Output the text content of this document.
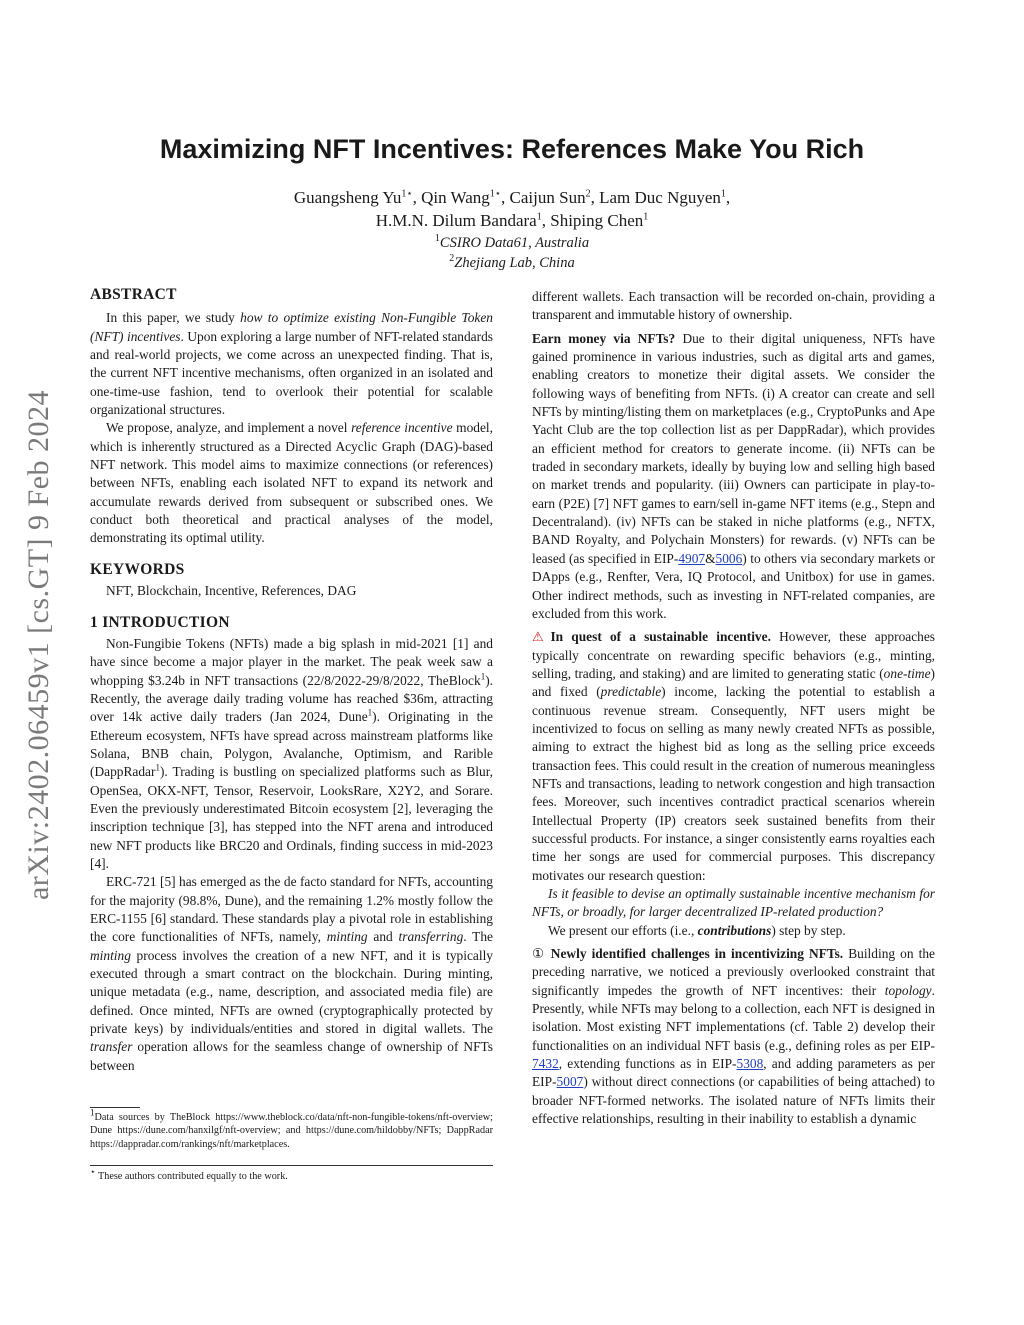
arXiv:2402.06459v1 [cs.GT] 9 Feb 2024
Maximizing NFT Incentives: References Make You Rich
Guangsheng $Yu^{1⋆}$, Qin Wang$^{1⋆}$, Caijun Sun$^2$, Lam Duc Nguyen$^1$,
H.M.N. Dilum Bandara$^1$, Shiping Chen$^1$
$^1$CSIRO Data61, Australia
$^2$Zhejiang Lab, China
ABSTRACT

In this paper, we study how to optimize existing Non-Fungible Token (NFT) incentives. Upon exploring a large number of NFT-related standards and real-world projects, we come across an unexpected finding. That is, the current NFT incentive mechanisms, often organized in an isolated and one-time-use fashion, tend to overlook their potential for scalable organizational structures.

We propose, analyze, and implement a novel reference incentive model, which is inherently structured as a Directed Acyclic Graph (DAG)-based NFT network. This model aims to maximize connections (or references) between NFTs, enabling each isolated NFT to expand its network and accumulate rewards derived from subsequent or subscribed ones. We conduct both theoretical and practical analyses of the model, demonstrating its optimal utility.

KEYWORDS

NFT, Blockchain, Incentive, References, DAG

1 INTRODUCTION

Non-Fungibie Tokens (NFTs) made a big splash in mid-2021 [1] and have since become a major player in the market. The peak week saw a whopping $3.24b in NFT transactions (22/8/2022-29/8/2022, TheBlock$^1$). Recently, the average daily trading volume has reached $36m, attracting over 14k active daily traders (Jan 2024, Dune$^1$). Originating in the Ethereum ecosystem, NFTs have spread across mainstream platforms like Solana, BNB chain, Polygon, Avalanche, Optimism, and Rarible (DappRadar$^1$). Trading is bustling on specialized platforms such as Blur, OpenSea, OKX-NFT, Tensor, Reservoir, LooksRare, X2Y2, and Sorare. Even the previously underestimated Bitcoin ecosystem [2], leveraging the inscription technique [3], has stepped into the NFT arena and introduced new NFT products like BRC20 and Ordinals, finding success in mid-2023 [4].

ERC-721 [5] has emerged as the de facto standard for NFTs, accounting for the majority (98.8%, Dune), and the remaining 1.2% mostly follow the ERC-1155 [6] standard. These standards play a pivotal role in establishing the core functionalities of NFTs, namely, minting and transferring. The minting process involves the creation of a new NFT, and it is typically executed through a smart contract on the blockchain. During minting, unique metadata (e.g., name, description, and associated media file) are defined. Once minted, NFTs are owned (cryptographically protected by private keys) by individuals/entities and stored in digital wallets. The transfer operation allows for the seamless change of ownership of NFTs between

$^1$Data sources by TheBlock https://www.theblock.co/data/nft-non-fungible-tokens/nft-overview; Dune https://dune.com/hanxilgf/nft-overview; and https://dune.com/hildobby/NFTs; DappRadar https://dappradar.com/rankings/nft/marketplaces.
⋆ These authors contributed equally to the work.

different wallets. Each transaction will be recorded on-chain, providing a transparent and immutable history of ownership.

Earn money via NFTs? Due to their digital uniqueness, NFTs have gained prominence in various industries, such as digital arts and games, enabling creators to monetize their digital assets. We consider the following ways of benefiting from NFTs. (i) A creator can create and sell NFTs by minting/listing them on marketplaces (e.g., CryptoPunks and Ape Yacht Club are the top collection list as per DappRadar), which provides an efficient method for creators to generate income. (ii) NFTs can be traded in secondary markets, ideally by buying low and selling high based on market trends and popularity. (iii) Owners can participate in play-to-earn (P2E) [7] NFT games to earn/sell in-game NFT items (e.g., Stepn and Decentraland). (iv) NFTs can be staked in niche platforms (e.g., NFTX, BAND Royalty, and Polychain Monsters) for rewards. (v) NFTs can be leased (as specified in EIP-4907&5006) to others via secondary markets or DApps (e.g., Renfter, Vera, IQ Protocol, and Unitbox) for use in games. Other indirect methods, such as investing in NFT-related companies, are excluded from this work.

⚠ In quest of a sustainable incentive. However, these approaches typically concentrate on rewarding specific behaviors (e.g., minting, selling, trading, and staking) and are limited to generating static (one-time) and fixed (predictable) income, lacking the potential to establish a continuous revenue stream. Consequently, NFT users might be incentivized to focus on selling as many newly created NFTs as possible, aiming to extract the highest bid as long as the selling price exceeds transaction fees. This could result in the creation of numerous meaningless NFTs and transactions, leading to network congestion and high transaction fees. Moreover, such incentives contradict practical scenarios wherein Intellectual Property (IP) creators seek sustained benefits from their successful products. For instance, a singer consistently earns royalties each time her songs are used for commercial purposes. This discrepancy motivates our research question:

Is it feasible to devise an optimally sustainable incentive mechanism for NFTs, or broadly, for larger decentralized IP-related production?

We present our efforts (i.e., contributions) step by step.

① Newly identified challenges in incentivizing NFTs. Building on the preceding narrative, we noticed a previously overlooked constraint that significantly impedes the growth of NFT incentives: their topology. Presently, while NFTs may belong to a collection, each NFT is designed in isolation. Most existing NFT implementations (cf. Table 2) develop their functionalities on an individual NFT basis (e.g., defining roles as per EIP-7432, extending functions as in EIP-5308, and adding parameters as per EIP-5007) without direct connections (or capabilities of being attached) to broader NFT-formed networks. The isolated nature of NFTs limits their effective relationships, resulting in their inability to establish a dynamic
